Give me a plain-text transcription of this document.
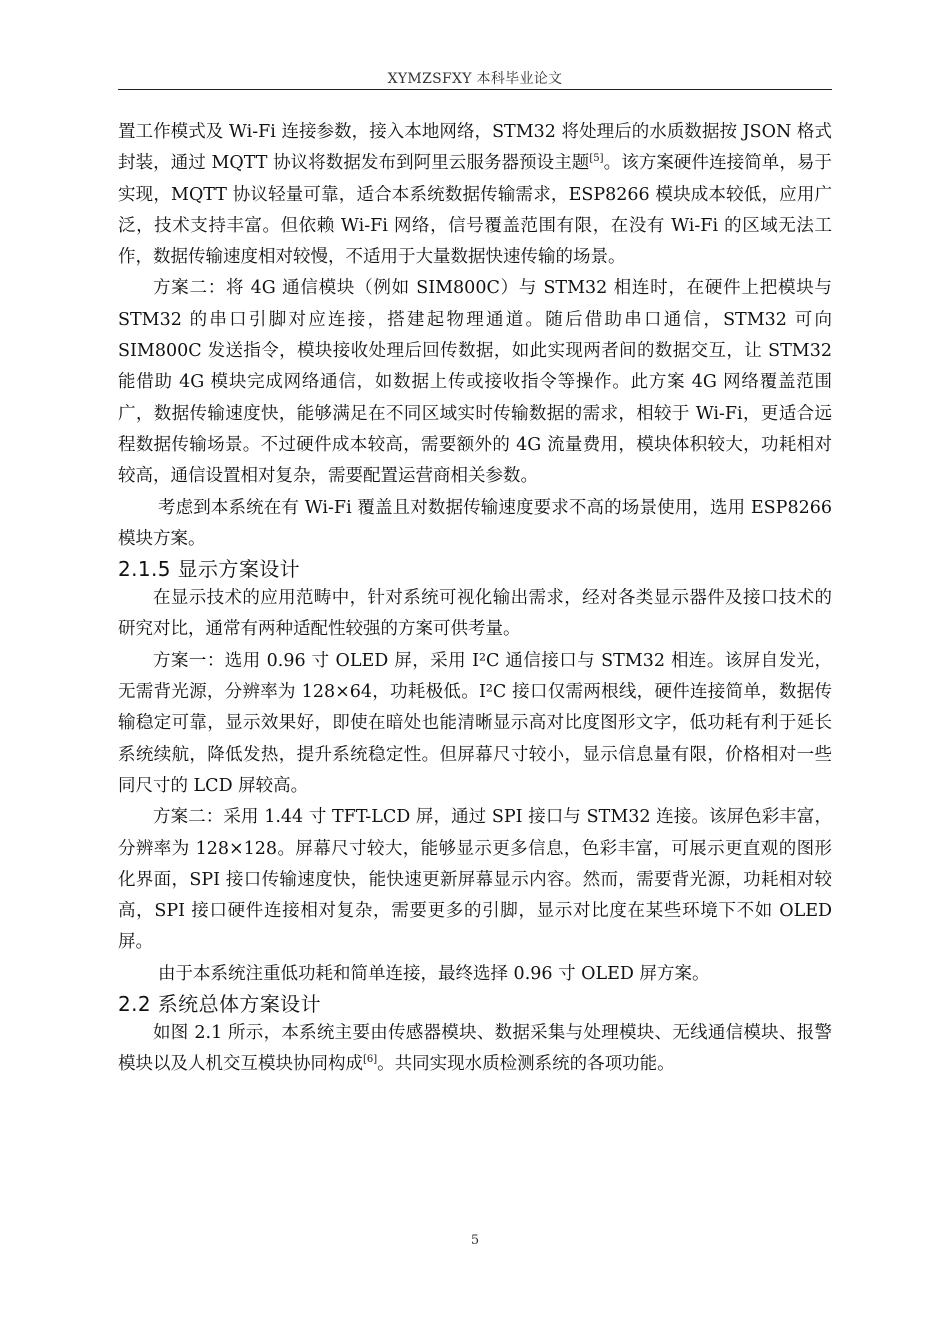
XYMZSFXY 本科毕业论文

置工作模式及 Wi-Fi 连接参数，接入本地网络，STM32 将处理后的水质数据按 JSON 格式封装，通过 MQTT 协议将数据发布到阿里云服务器预设主题[5]。该方案硬件连接简单，易于实现，MQTT 协议轻量可靠，适合本系统数据传输需求，ESP8266 模块成本较低，应用广泛，技术支持丰富。但依赖 Wi-Fi 网络，信号覆盖范围有限，在没有 Wi-Fi 的区域无法工作，数据传输速度相对较慢，不适用于大量数据快速传输的场景。

方案二：将 4G 通信模块（例如 SIM800C）与 STM32 相连时，在硬件上把模块与 STM32 的串口引脚对应连接，搭建起物理通道。随后借助串口通信，STM32 可向 SIM800C 发送指令，模块接收处理后回传数据，如此实现两者间的数据交互，让 STM32 能借助 4G 模块完成网络通信，如数据上传或接收指令等操作。此方案 4G 网络覆盖范围广，数据传输速度快，能够满足在不同区域实时传输数据的需求，相较于 Wi-Fi，更适合远程数据传输场景。不过硬件成本较高，需要额外的 4G 流量费用，模块体积较大，功耗相对较高，通信设置相对复杂，需要配置运营商相关参数。

考虑到本系统在有 Wi-Fi 覆盖且对数据传输速度要求不高的场景使用，选用 ESP8266 模块方案。

2.1.5 显示方案设计

在显示技术的应用范畴中，针对系统可视化输出需求，经对各类显示器件及接口技术的研究对比，通常有两种适配性较强的方案可供考量。

方案一：选用 0.96 寸 OLED 屏，采用 I²C 通信接口与 STM32 相连。该屏自发光，无需背光源，分辨率为 128×64，功耗极低。I²C 接口仅需两根线，硬件连接简单，数据传输稳定可靠，显示效果好，即使在暗处也能清晰显示高对比度图形文字，低功耗有利于延长系统续航，降低发热，提升系统稳定性。但屏幕尺寸较小，显示信息量有限，价格相对一些同尺寸的 LCD 屏较高。

方案二：采用 1.44 寸 TFT-LCD 屏，通过 SPI 接口与 STM32 连接。该屏色彩丰富，分辨率为 128×128。屏幕尺寸较大，能够显示更多信息，色彩丰富，可展示更直观的图形化界面，SPI 接口传输速度快，能快速更新屏幕显示内容。然而，需要背光源，功耗相对较高，SPI 接口硬件连接相对复杂，需要更多的引脚，显示对比度在某些环境下不如 OLED 屏。

由于本系统注重低功耗和简单连接，最终选择 0.96 寸 OLED 屏方案。

2.2 系统总体方案设计

如图 2.1 所示，本系统主要由传感器模块、数据采集与处理模块、无线通信模块、报警模块以及人机交互模块协同构成[6]。共同实现水质检测系统的各项功能。

5
